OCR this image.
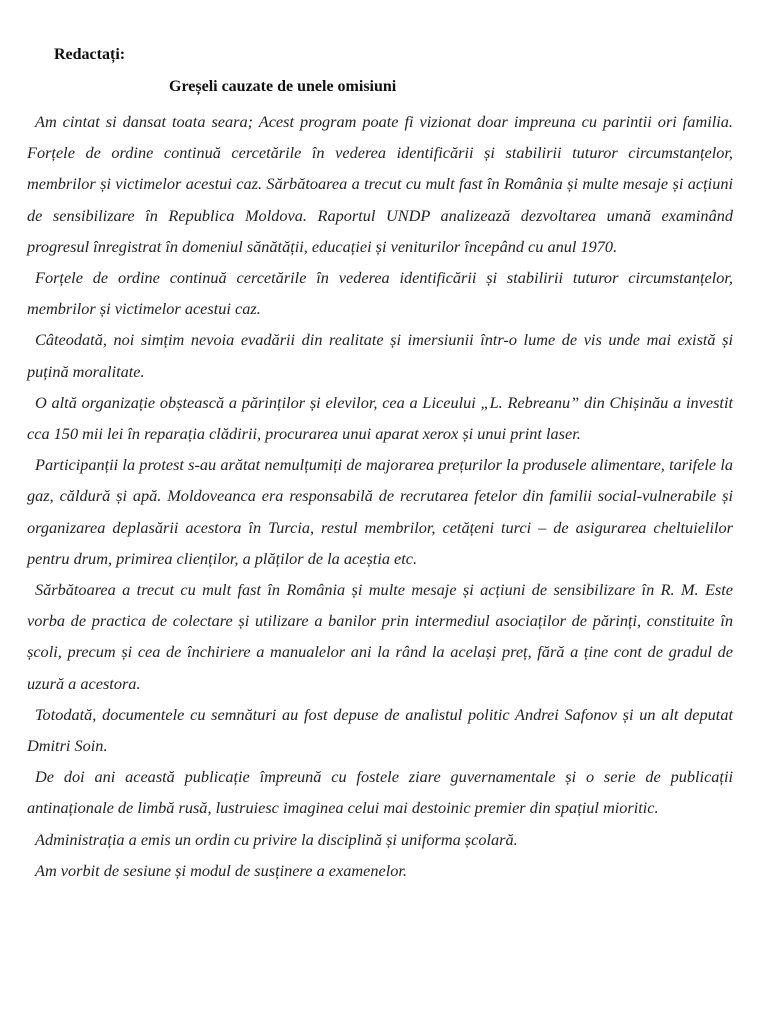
Redactați:
Greșeli cauzate de unele omisiuni

Am cintat si dansat toata seara; Acest program poate fi vizionat doar impreuna cu parintii ori familia. Forțele de ordine continuă cercetările în vederea identificării și stabilirii tuturor circumstanțelor, membrilor și victimelor acestui caz. Sărbătoarea a trecut cu mult fast în România și multe mesaje și acțiuni de sensibilizare în Republica Moldova. Raportul UNDP analizează dezvoltarea umană examinând progresul înregistrat în domeniul sănătății, educației și veniturilor începând cu anul 1970.

Forțele de ordine continuă cercetările în vederea identificării și stabilirii tuturor circumstanțelor, membrilor și victimelor acestui caz.

Câteodată, noi simțim nevoia evadării din realitate și imersiunii într-o lume de vis unde mai există și puțină moralitate.

O altă organizație obștească a părinților și elevilor, cea a Liceului „L. Rebreanu” din Chișinău a investit cca 150 mii lei în reparația clădirii, procurarea unui aparat xerox și unui print laser.

Participanții la protest s-au arătat nemulțumiți de majorarea prețurilor la produsele alimentare, tarifele la gaz, căldură și apă. Moldoveanca era responsabilă de recrutarea fetelor din familii social-vulnerabile și organizarea deplasării acestora în Turcia, restul membrilor, cetățeni turci – de asigurarea cheltuielilor pentru drum, primirea clienților, a plăților de la aceștia etc.

Sărbătoarea a trecut cu mult fast în România și multe mesaje și acțiuni de sensibilizare în R. M. Este vorba de practica de colectare și utilizare a banilor prin intermediul asociaților de părinți, constituite în școli, precum și cea de închiriere a manualelor ani la rând la același preț, fără a ține cont de gradul de uzură a acestora.

Totodată, documentele cu semnături au fost depuse de analistul politic Andrei Safonov și un alt deputat Dmitri Soin.

De doi ani această publicație împreună cu fostele ziare guvernamentale și o serie de publicații antinaționale de limbă rusă, lustruiesc imaginea celui mai destoinic premier din spațiul mioritic.

Administrația a emis un ordin cu privire la disciplină și uniforma școlară.

Am vorbit de sesiune și modul de susținere a examenelor.
